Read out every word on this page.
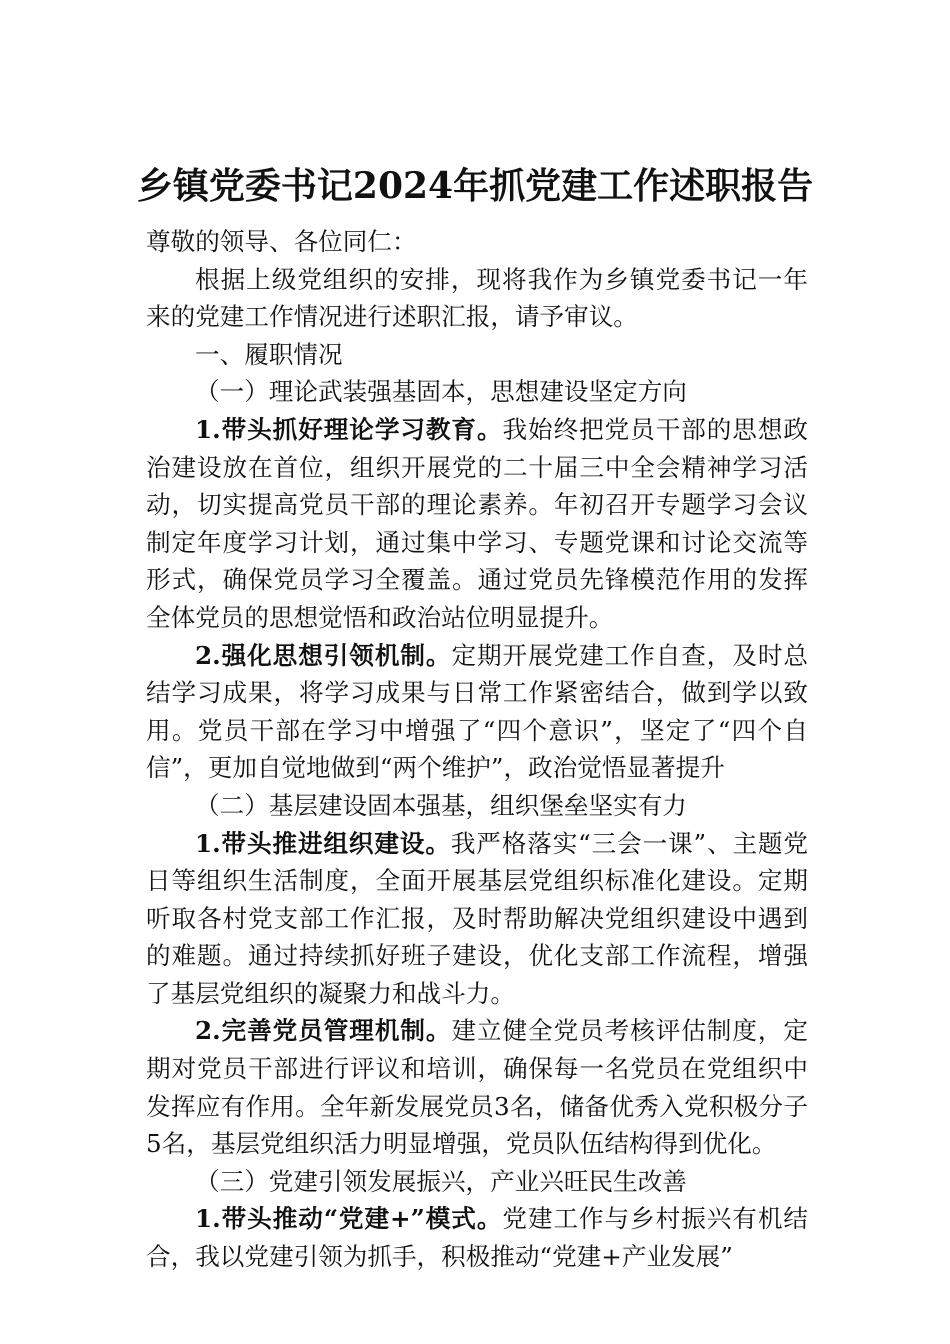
乡镇党委书记2024年抓党建工作述职报告

尊敬的领导、各位同仁：

根据上级党组织的安排，现将我作为乡镇党委书记一年来的党建工作情况进行述职汇报，请予审议。

一、履职情况

（一）理论武装强基固本，思想建设坚定方向

1.带头抓好理论学习教育。我始终把党员干部的思想政治建设放在首位，组织开展党的二十届三中全会精神学习活动，切实提高党员干部的理论素养。年初召开专题学习会议制定年度学习计划，通过集中学习、专题党课和讨论交流等形式，确保党员学习全覆盖。通过党员先锋模范作用的发挥全体党员的思想觉悟和政治站位明显提升。

2.强化思想引领机制。定期开展党建工作自查，及时总结学习成果，将学习成果与日常工作紧密结合，做到学以致用。党员干部在学习中增强了“四个意识”，坚定了“四个自信”，更加自觉地做到“两个维护”，政治觉悟显著提升

（二）基层建设固本强基，组织堡垒坚实有力

1.带头推进组织建设。我严格落实“三会一课”、主题党日等组织生活制度，全面开展基层党组织标准化建设。定期听取各村党支部工作汇报，及时帮助解决党组织建设中遇到的难题。通过持续抓好班子建设，优化支部工作流程，增强了基层党组织的凝聚力和战斗力。

2.完善党员管理机制。建立健全党员考核评估制度，定期对党员干部进行评议和培训，确保每一名党员在党组织中发挥应有作用。全年新发展党员3名，储备优秀入党积极分子5名，基层党组织活力明显增强，党员队伍结构得到优化。

（三）党建引领发展振兴，产业兴旺民生改善

1.带头推动“党建+”模式。党建工作与乡村振兴有机结合，我以党建引领为抓手，积极推动“党建+产业发展”
